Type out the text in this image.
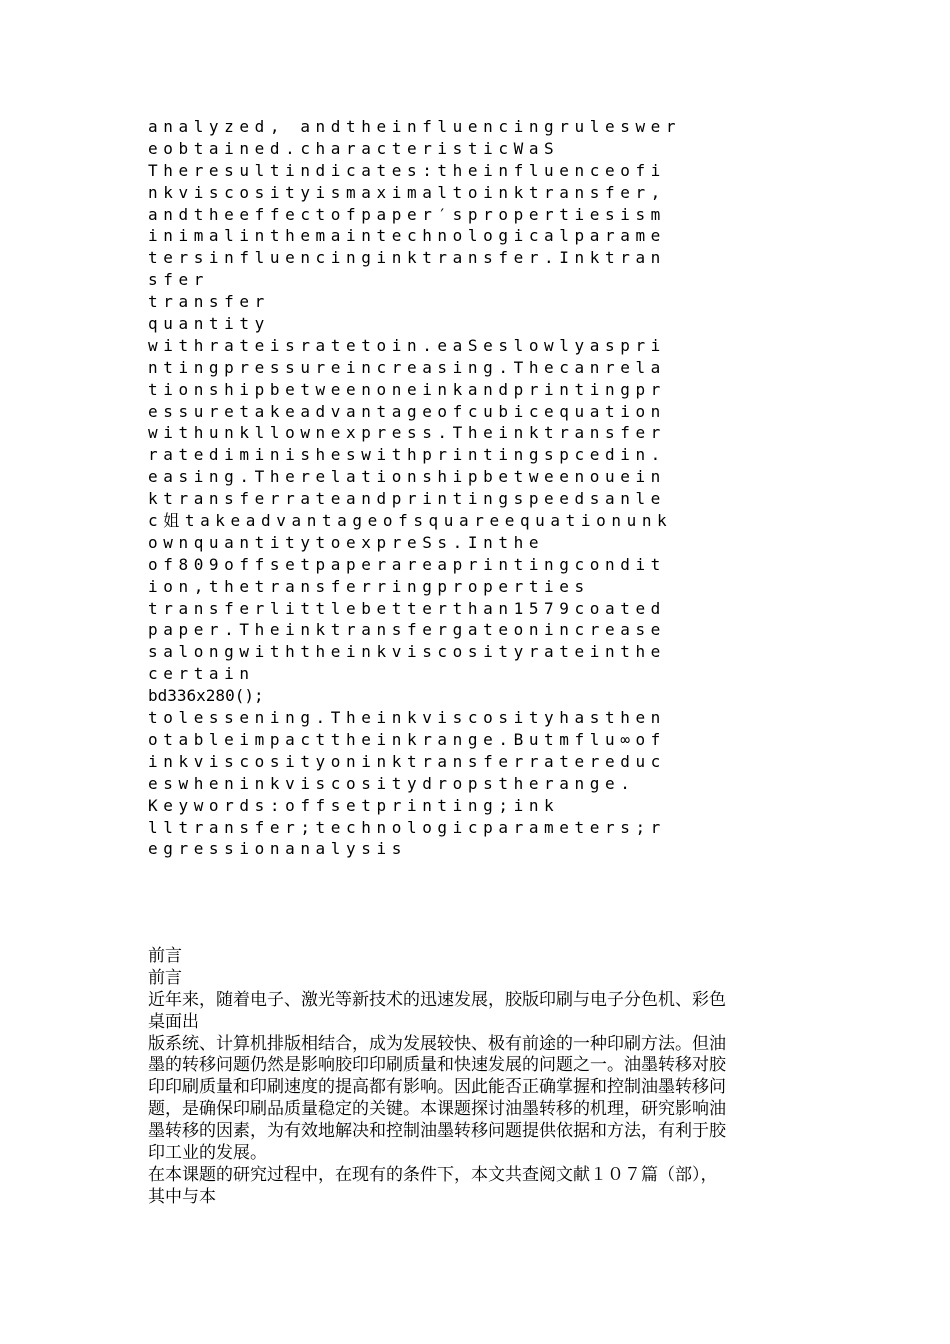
analyzed, andtheinfluencingruleswer
eobtained.characteristicWaS
Theresultindicates:theinfluenceofi
nkviscosityismaximaltoinktransfer,
andtheeffectofpaper′spropertiesism
inimalinthemaintechnologicalparame
tersinfluencinginktransfer.Inktran
sfer
transfer
quantity
withrateisratetoin.eaSeslowlyaspri
ntingpressureincreasing.Thecanrela
tionshipbetweenoneinkandprintingpr
essuretakeadvantageofcubicequation
withunkllownexpress.Theinktransfer
ratediminisheswithprintingspcedin.
easing.Therelationshipbetweenouein
ktransferrateandprintingspeedsanle
c姐takeadvantageofsquareequationunk
ownquantitytoexpreSs.Inthe
of809offsetpaperareaprintingcondit
ion,thetransferringproperties
transferlittlebetterthan1579coated
paper.Theinktransfergateonincrease
salongwiththeinkviscosityrateinthe
certain
bd336x280();
tolessening.Theinkviscosityhasthen
otableimpacttheinkrange.Butmflu∞of
inkviscosityoninktransferratereduc
eswheninkviscositydropstherange.
Keywords:offsetprinting;ink
lltransfer;technologicparameters;r
egressionanalysis
前言
前言
近年来，随着电子、激光等新技术的迅速发展，胶版印刷与电子分色机、彩色
桌面出
版系统、计算机排版相结合，成为发展较快、极有前途的一种印刷方法。但油
墨的转移问题仍然是影响胶印印刷质量和快速发展的问题之一。油墨转移对胶
印印刷质量和印刷速度的提高都有影响。因此能否正确掌握和控制油墨转移问
题，是确保印刷品质量稳定的关键。本课题探讨油墨转移的机理，研究影响油
墨转移的因素，为有效地解决和控制油墨转移问题提供依据和方法，有利于胶
印工业的发展。
在本课题的研究过程中，在现有的条件下，本文共查阅文献１０７篇（部），
其中与本
